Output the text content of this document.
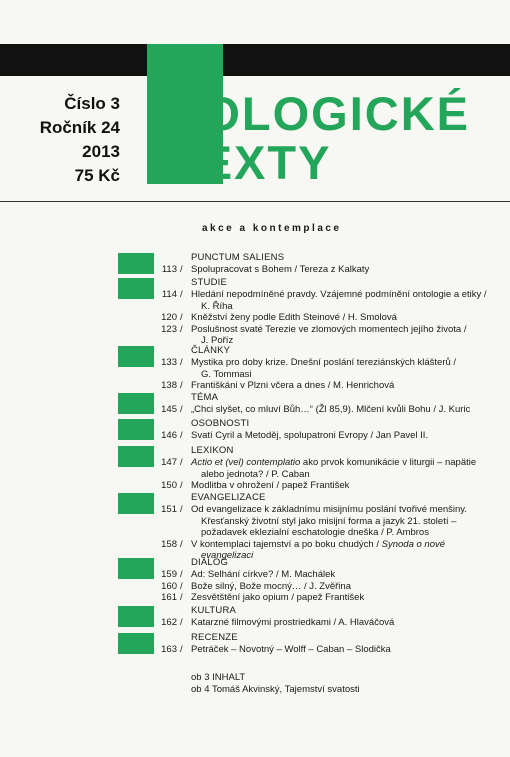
Číslo 3
Ročník 24
2013
75 Kč
EOLOGICKÉ
TEXTY
akce a kontemplace
PUNCTUM SALIENS
113 / Spolupracovat s Bohem / Tereza z Kalkaty
STUDIE
114 / Hledání nepodmíněné pravdy. Vzájemné podmínění ontologie a etiky /
K. Říha
120 / Kněžství ženy podle Edith Steinové / H. Smolová
123 / Poslušnost svaté Terezie ve zlomových momentech jejího života /
J. Poříz
ČLÁNKY
133 / Mystika pro doby krize. Dnešní poslání tereziánských klášterů /
G. Tommasi
138 / Františkáni v Plzni včera a dnes / M. Henrichová
TÉMA
145 / „Chci slyšet, co mluví Bůh…“ (Žl 85,9). Mlčení kvůli Bohu / J. Kuric
OSOBNOSTI
146 / Svatí Cyril a Metoděj, spolupatroni Evropy / Jan Pavel II.
LEXIKON
147 / Actio et (vel) contemplatio ako prvok komunikácie v liturgii – napätie
alebo jednota? / P. Caban
150 / Modlitba v ohrožení / papež František
EVANGELIZACE
151 / Od evangelizace k základnímu misijnímu poslání tvořivé menšiny.
Křesťanský životní styl jako misijní forma a jazyk 21. století –
požadavek eklezialní eschatologie dneška / P. Ambros
158 / V kontemplaci tajemství a po boku chudých / Synoda o nové
evangelizaci
DIALOG
159 / Ad: Selhání církve? / M. Machálek
160 / Bože silný, Bože mocný… / J. Zvěřina
161 / Zesvětštění jako opium / papež František
KULTURA
162 / Katarzné filmovými prostriedkami / A. Hlaváčová
RECENZE
163 / Petráček – Novotný – Wolff – Caban – Slodička
ob 3 INHALT
ob 4 Tomáš Akvinský, Tajemství svatosti
